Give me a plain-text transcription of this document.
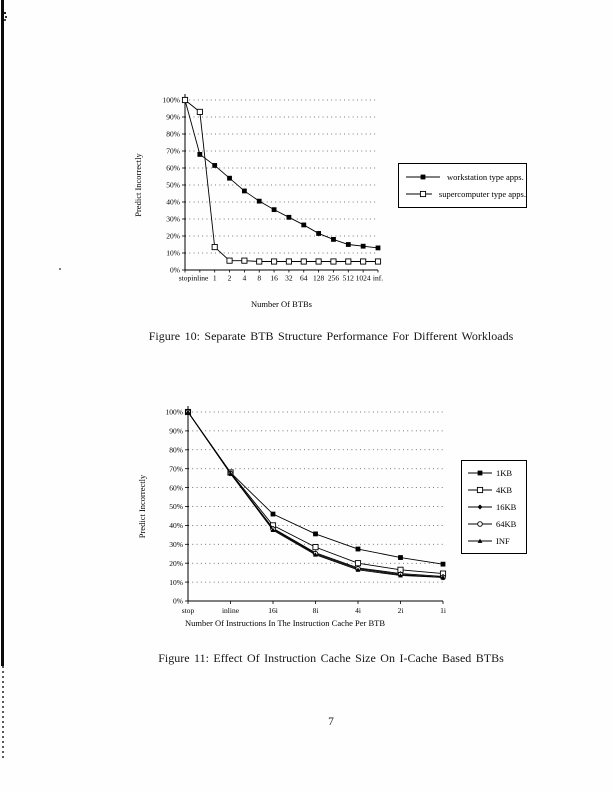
0%
10%
20%
30%
40%
50%
60%
70%
80%
90%
100%
stop inline 1 2 4 8 16 32 64 128 256 512 1024 inf.
Number Of BTBs
Predict Incorrectly	workstation type apps.
supercomputer type apps.
Figure 10: Separate BTB Structure Performance For Different Workloads
0%
10%
20%
30%
40%
50%
60%
70%
80%
90%
100%
stop	inline	16i	8i	4i	2i	1i
Number Of Instructions In The Instruction Cache Per BTB
Predict Incorrectly
1KB
4KB
16KB
64KB
INF
Figure 11: Effect Of Instruction Cache Size On I-Cache Based BTBs
7
